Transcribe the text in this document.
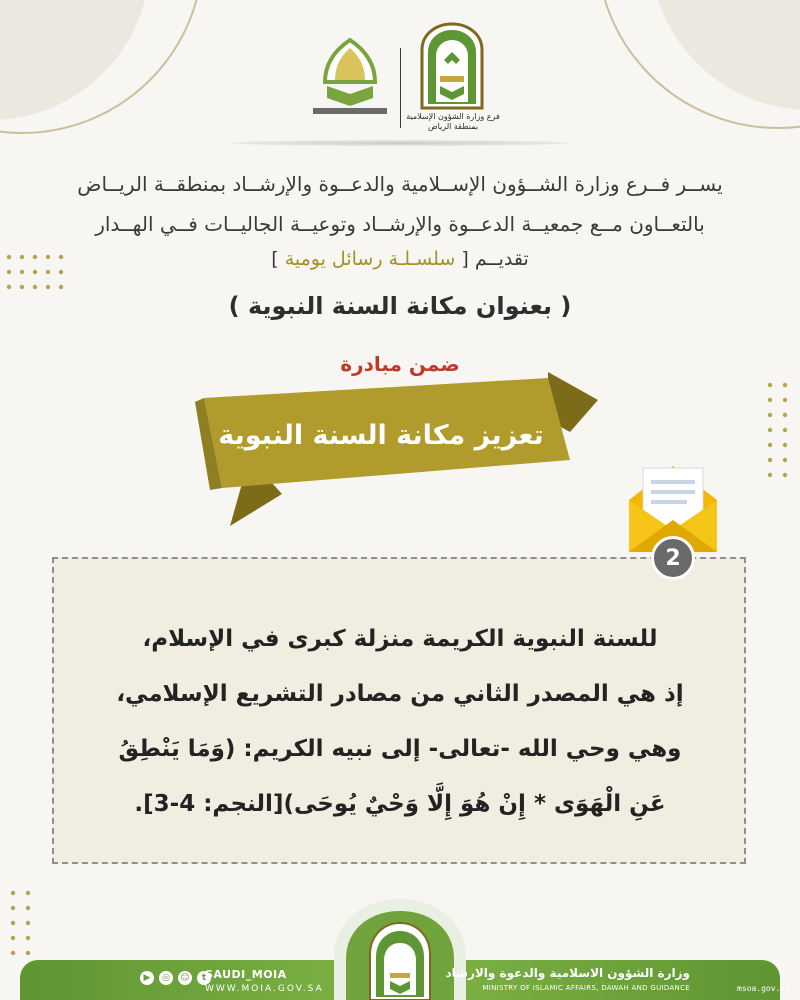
فرع وزارة الشؤون الإسلامية
بمنطقة الرياض
يســر فــرع وزارة الشــؤون الإســلامية والدعــوة والإرشــاد بمنطقــة الريــاض
بالتعــاون مــع جمعيــة الدعــوة والإرشــاد وتوعيــة الجاليــات فــي الهــدار
تقديــم [ سلسـلـة رسائل يومية ]
( بعنوان مكانة السنة النبوية )
ضمن مبادرة
تعزيز مكانة السنة النبوية
للسنة النبوية الكريمة منزلة كبرى في الإسلام،
إذ هي المصدر الثاني من مصادر التشريع الإسلامي،
وهي وحي الله -تعالى- إلى نبيه الكريم: (وَمَا يَنْطِقُ
عَنِ الْهَوَى * إِنْ هُوَ إِلَّا وَحْيٌ يُوحَى)[النجم: 4-3].
2
▶	◎	☺	t
SAUDI_MOIA
WWW.MOIA.GOV.SA
وزارة الشؤون الاسلامية والدعوة والارشاد
MINISTRY OF ISLAMIC AFFAIRS, DAWAH AND GUIDANCE	msoa.gov.sa
